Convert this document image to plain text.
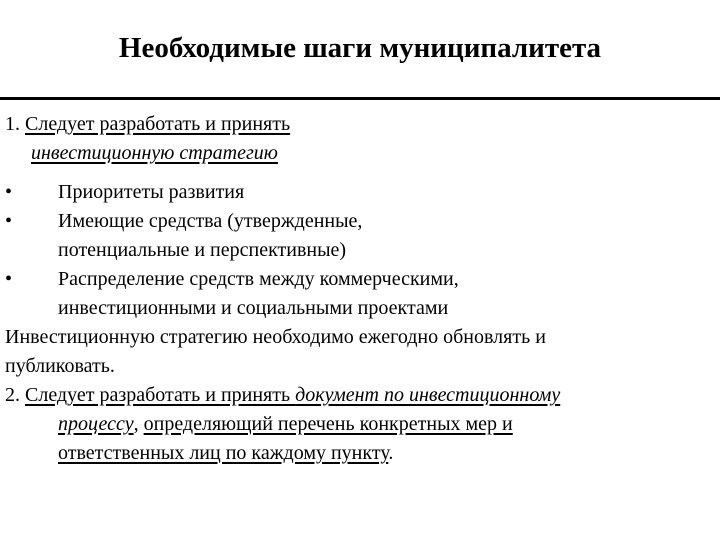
Необходимые шаги муниципалитета
1. Следует разработать и принять
инвестиционную стратегию
•	Приоритеты развития
•	Имеющие средства (утвержденные,
потенциальные и перспективные)
•	Распределение средств между коммерческими,
инвестиционными и социальными проектами
Инвестиционную стратегию необходимо ежегодно обновлять и
публиковать.
2. Следует разработать и принять документ по инвестиционному
процессу, определяющий перечень конкретных мер и
ответственных лиц по каждому пункту.
